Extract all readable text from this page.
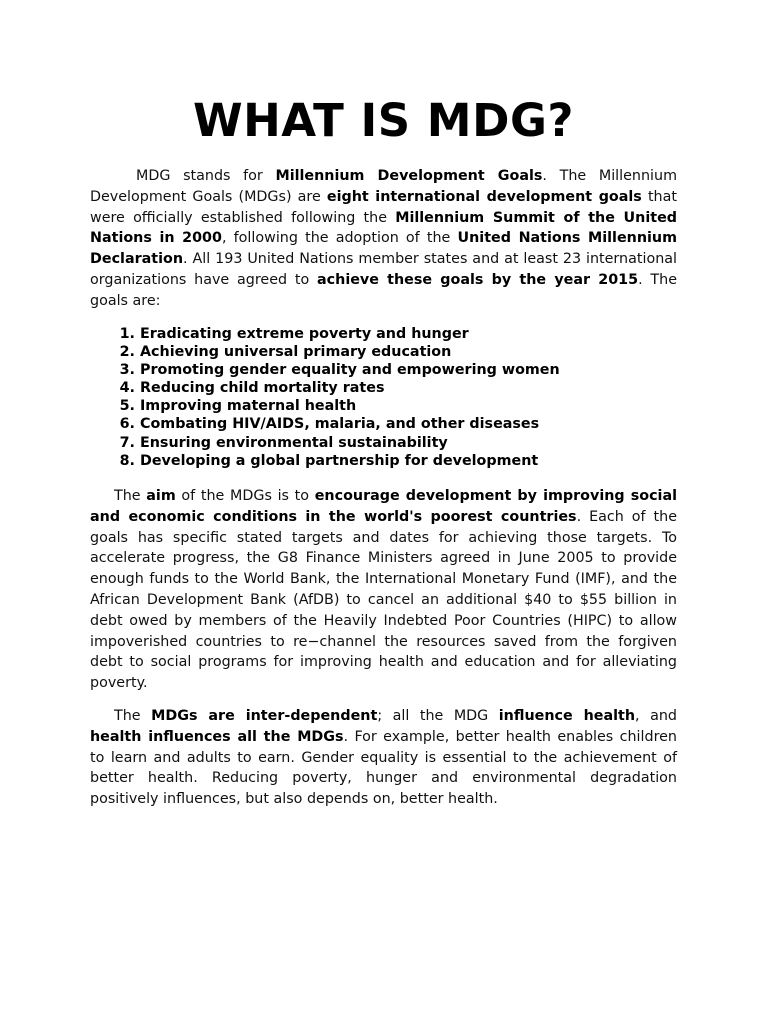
WHAT IS MDG?

MDG stands for Millennium Development Goals. The Millennium Development Goals (MDGs) are eight international development goals that were officially established following the Millennium Summit of the United Nations in 2000, following the adoption of the United Nations Millennium Declaration. All 193 United Nations member states and at least 23 international organizations have agreed to achieve these goals by the year 2015. The goals are:

1. Eradicating extreme poverty and hunger
2. Achieving universal primary education
3. Promoting gender equality and empowering women
4. Reducing child mortality rates
5. Improving maternal health
6. Combating HIV/AIDS, malaria, and other diseases
7. Ensuring environmental sustainability
8. Developing a global partnership for development

The aim of the MDGs is to encourage development by improving social and economic conditions in the world's poorest countries. Each of the goals has specific stated targets and dates for achieving those targets. To accelerate progress, the G8 Finance Ministers agreed in June 2005 to provide enough funds to the World Bank, the International Monetary Fund (IMF), and the African Development Bank (AfDB) to cancel an additional $40 to $55 billion in debt owed by members of the Heavily Indebted Poor Countries (HIPC) to allow impoverished countries to re−channel the resources saved from the forgiven debt to social programs for improving health and education and for alleviating poverty.

The MDGs are inter-dependent; all the MDG influence health, and health influences all the MDGs. For example, better health enables children to learn and adults to earn. Gender equality is essential to the achievement of better health. Reducing poverty, hunger and environmental degradation positively influences, but also depends on, better health.
